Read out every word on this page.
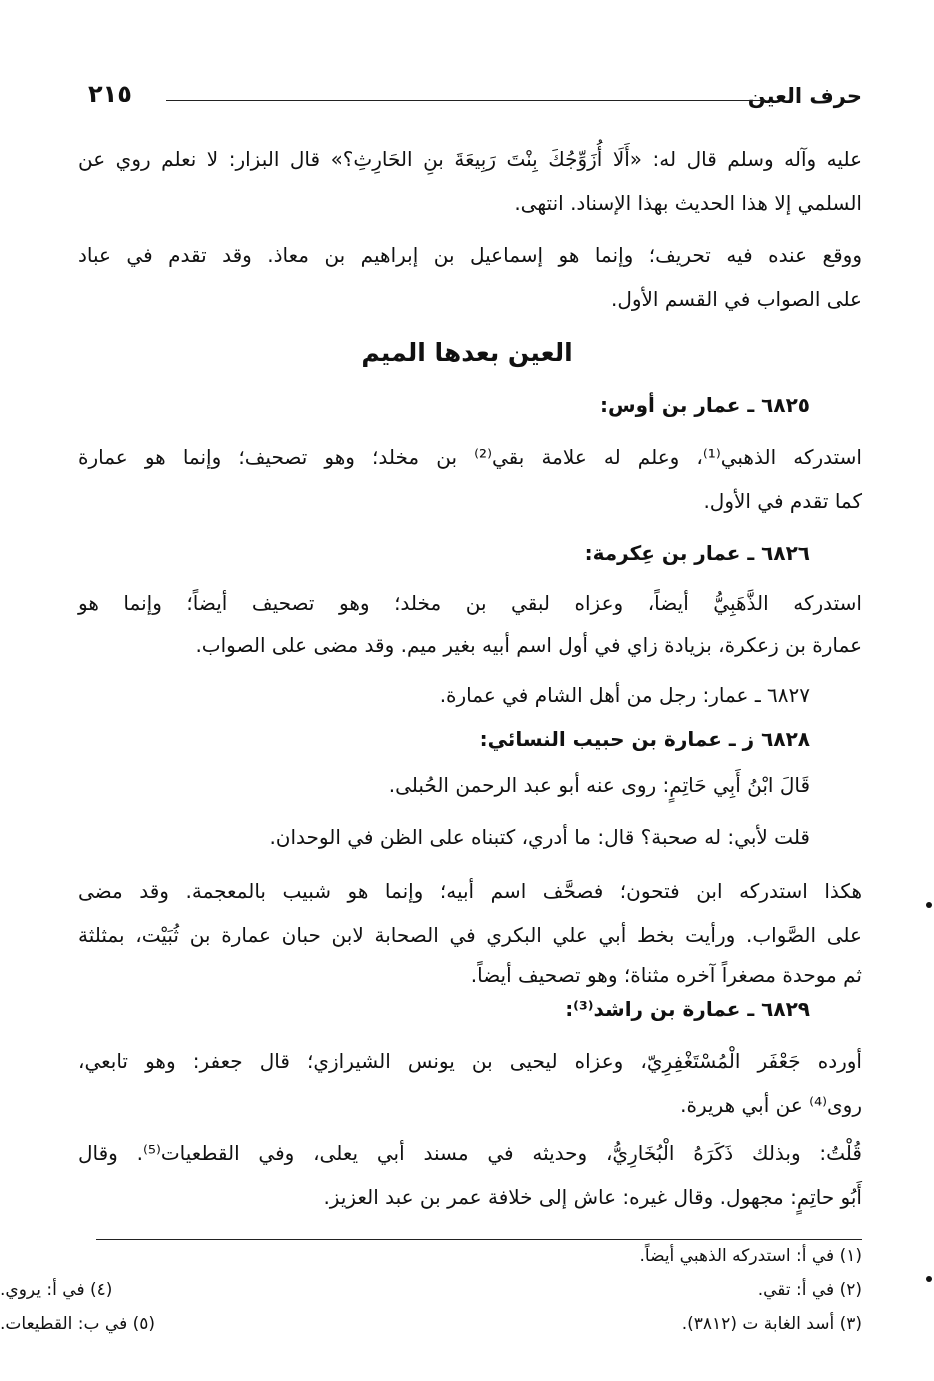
حرف العين
٢١٥
عليه وآله وسلم قال له: «أَلَا أُزَوِّجُكَ بِنْتَ رَبِيعَةَ بنِ الحَارِثِ؟» قال البزار: لا نعلم روي عن
السلمي إلا هذا الحديث بهذا الإسناد. انتهى.
ووقع عنده فيه تحريف؛ وإنما هو إسماعيل بن إبراهيم بن معاذ. وقد تقدم في عباد
على الصواب في القسم الأول.
العين بعدها الميم
٦٨٢٥ ـ عمار بن أوس:
استدركه الذهبي⁽¹⁾، وعلم له علامة بقي⁽²⁾ بن مخلد؛ وهو تصحيف؛ وإنما هو عمارة
كما تقدم في الأول.
٦٨٢٦ ـ عمار بن عِكرمة:
استدركه الذَّهَبِيُّ أيضاً، وعزاه لبقي بن مخلد؛ وهو تصحيف أيضاً؛ وإنما هو
عمارة بن زعكرة، بزيادة زاي في أول اسم أبيه بغير ميم. وقد مضى على الصواب.
٦٨٢٧ ـ عمار: رجل من أهل الشام في عمارة.
٦٨٢٨ ز ـ عمارة بن حبيب النسائي:
قَالَ ابْنُ أَبِي حَاتِمٍ: روى عنه أبو عبد الرحمن الحُبلى.
قلت لأبي: له صحبة؟ قال: ما أدري، كتبناه على الظن في الوحدان.
هكذا استدركه ابن فتحون؛ فصحَّف اسم أبيه؛ وإنما هو شبيب بالمعجمة. وقد مضى
على الصَّواب. ورأيت بخط أبي علي البكري في الصحابة لابن حبان عمارة بن ثُبَيْت، بمثلثة
ثم موحدة مصغراً آخره مثناة؛ وهو تصحيف أيضاً.
٦٨٢٩ ـ عمارة بن راشد⁽³⁾:
أورده جَعْفَر الْمُسْتَغْفِرِيّ، وعزاه ليحيى بن يونس الشيرازي؛ قال جعفر: وهو تابعي،
روى⁽⁴⁾ عن أبي هريرة.
قُلْتُ: وبذلك ذَكَرَهُ الْبُخَارِيُّ، وحديثه في مسند أبي يعلى، وفي القطعيات⁽⁵⁾. وقال
أَبُو حاتِمٍ: مجهول. وقال غيره: عاش إلى خلافة عمر بن عبد العزيز.
(١) في أ: استدركه الذهبي أيضاً.
(٢) في أ: تقي.
(٣) أسد الغابة ت (٣٨١٢).
(٤) في أ: يروي.
(٥) في ب: القطيعات.
